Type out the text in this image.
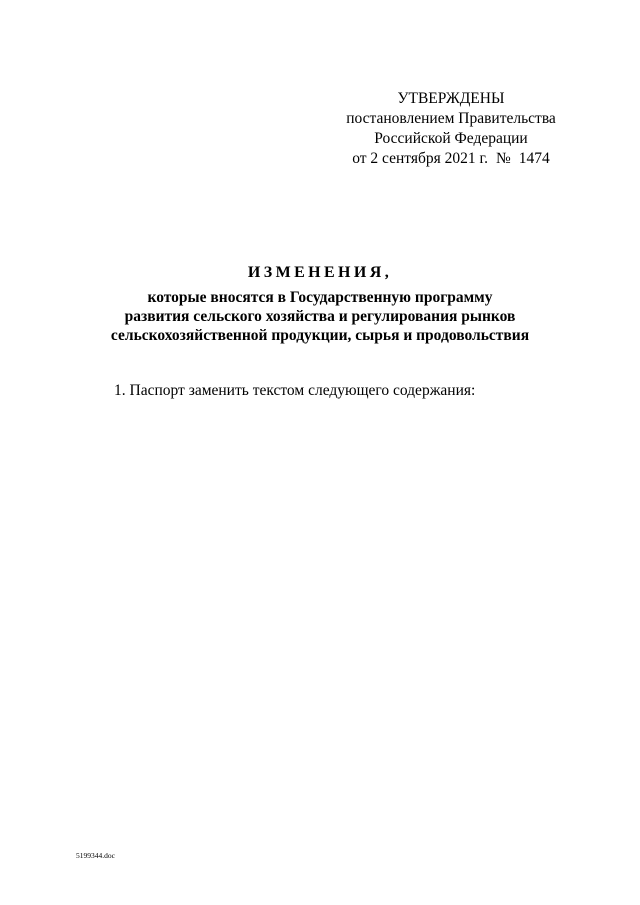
УТВЕРЖДЕНЫ
постановлением Правительства
Российской Федерации
от 2 сентября 2021 г. № 1474
ИЗМЕНЕНИЯ,
которые вносятся в Государственную программу
развития сельского хозяйства и регулирования рынков
сельскохозяйственной продукции, сырья и продовольствия
1. Паспорт заменить текстом следующего содержания:
5199344.doc
